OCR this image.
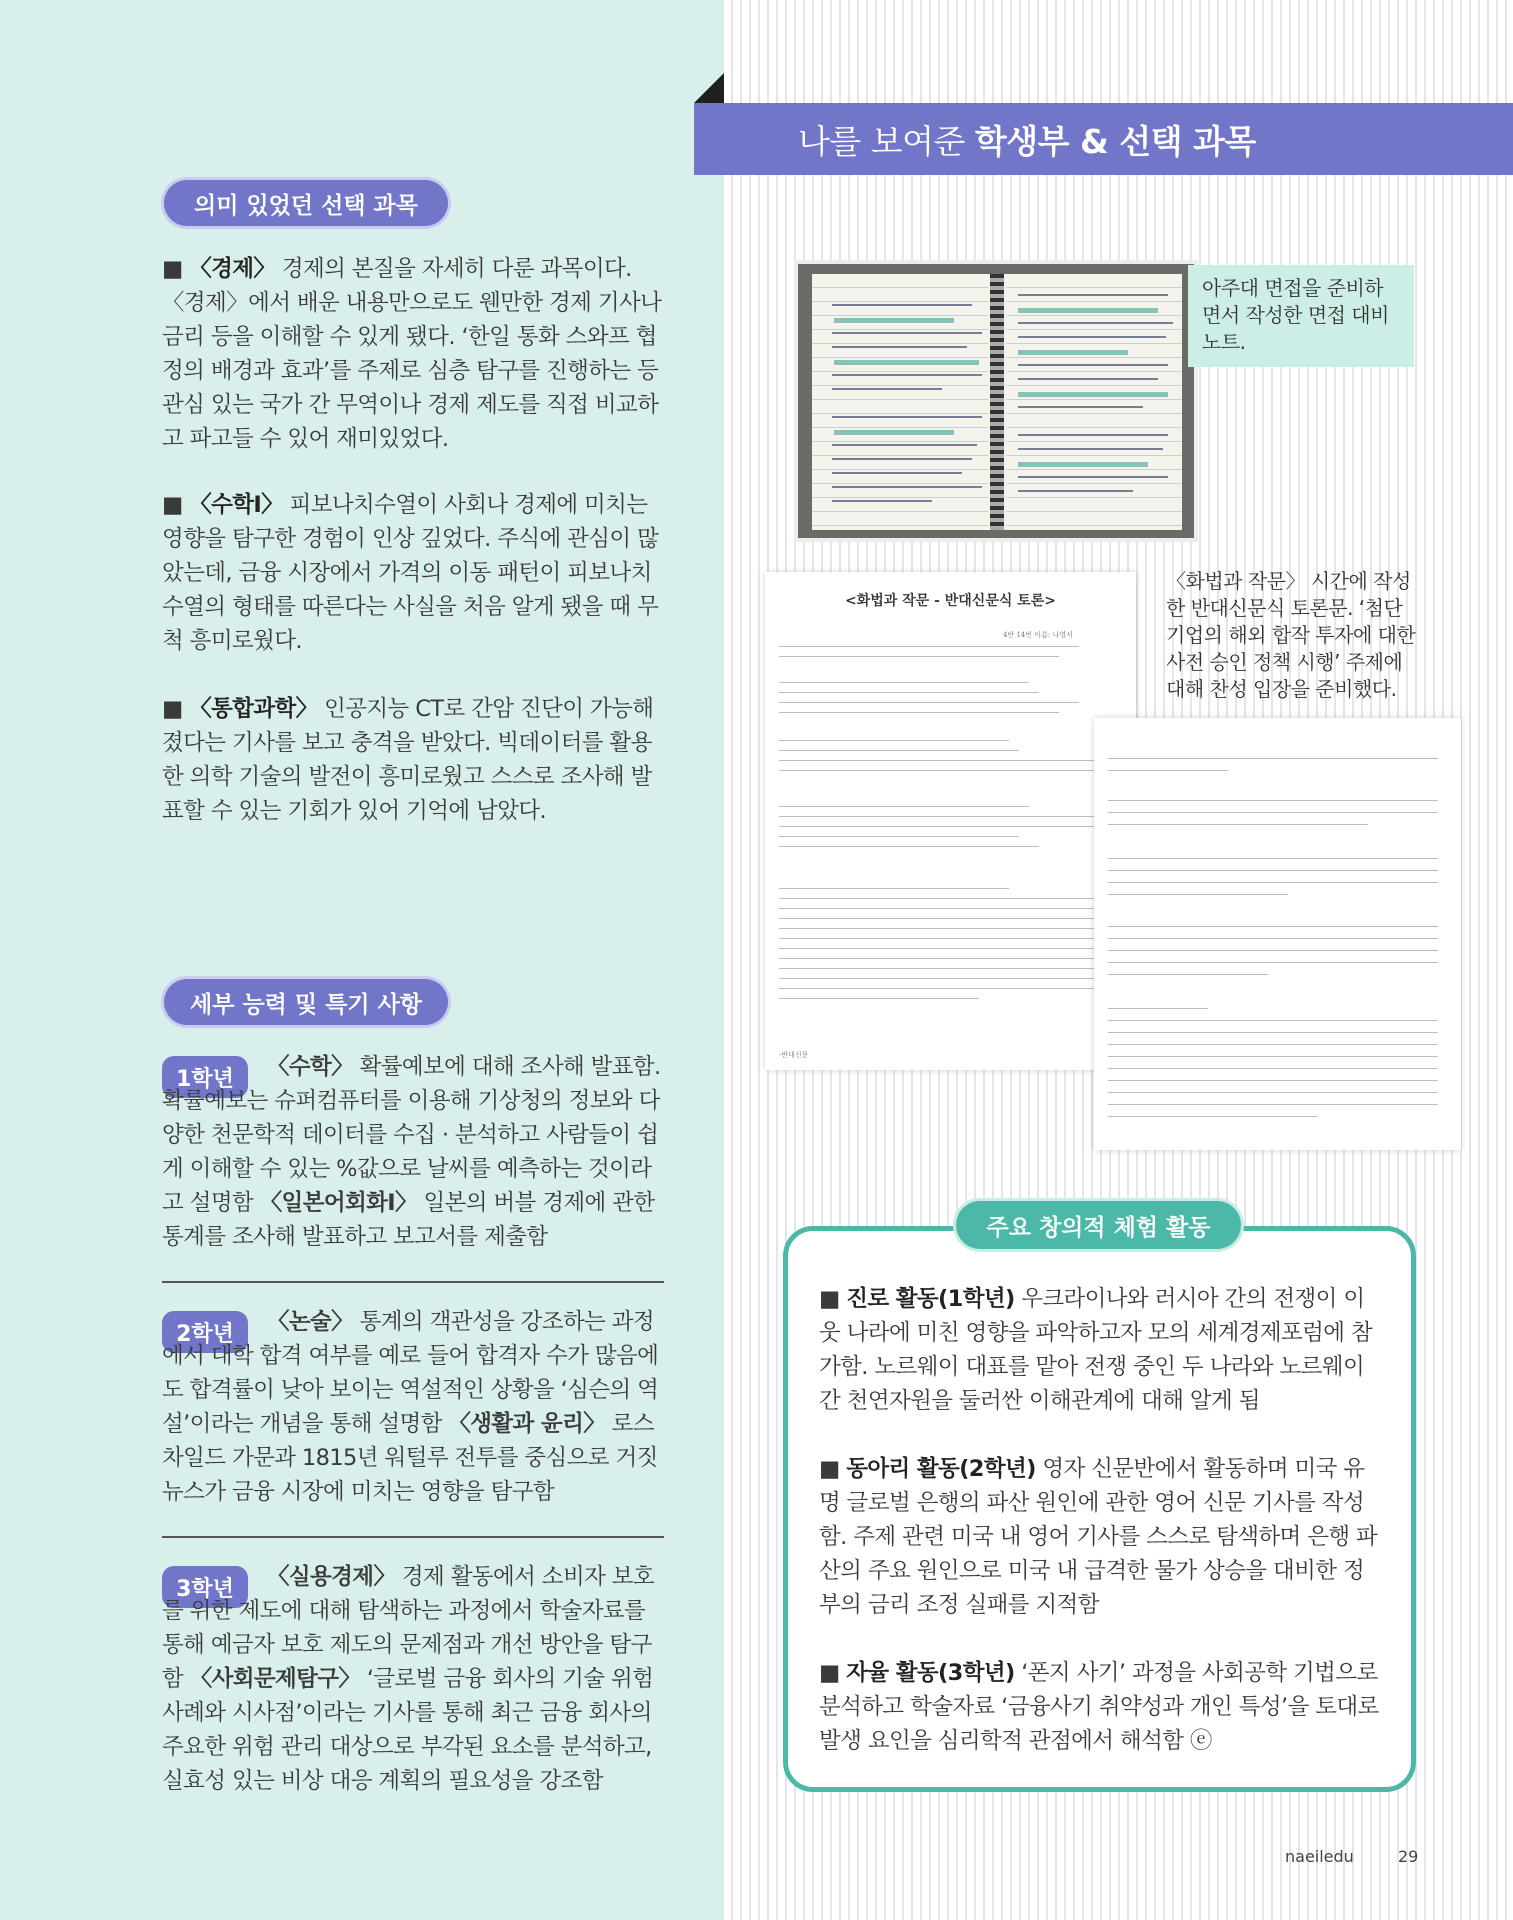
나를 보여준 학생부 & 선택 과목
의미 있었던 선택 과목
■ 〈경제〉 경제의 본질을 자세히 다룬 과목이다. 〈경제〉에서 배운 내용만으로도 웬만한 경제 기사나 금리 등을 이해할 수 있게 됐다. ‘한일 통화 스와프 협정의 배경과 효과’를 주제로 심층 탐구를 진행하는 등 관심 있는 국가 간 무역이나 경제 제도를 직접 비교하고 파고들 수 있어 재미있었다.
■ 〈수학Ⅰ〉 피보나치수열이 사회나 경제에 미치는 영향을 탐구한 경험이 인상 깊었다. 주식에 관심이 많았는데, 금융 시장에서 가격의 이동 패턴이 피보나치수열의 형태를 따른다는 사실을 처음 알게 됐을 때 무척 흥미로웠다.
■ 〈통합과학〉 인공지능 CT로 간암 진단이 가능해졌다는 기사를 보고 충격을 받았다. 빅데이터를 활용한 의학 기술의 발전이 흥미로웠고 스스로 조사해 발표할 수 있는 기회가 있어 기억에 남았다.
세부 능력 및 특기 사항
1학년	〈수학〉 확률예보에 대해 조사해 발표함. 확률예보는 슈퍼컴퓨터를 이용해 기상청의 정보와 다양한 천문학적 데이터를 수집 · 분석하고 사람들이 쉽게 이해할 수 있는 %값으로 날씨를 예측하는 것이라고 설명함 〈일본어회화Ⅰ〉 일본의 버블 경제에 관한 통계를 조사해 발표하고 보고서를 제출함
2학년	〈논술〉 통계의 객관성을 강조하는 과정에서 대학 합격 여부를 예로 들어 합격자 수가 많음에도 합격률이 낮아 보이는 역설적인 상황을 ‘심슨의 역설’이라는 개념을 통해 설명함 〈생활과 윤리〉 로스차일드 가문과 1815년 워털루 전투를 중심으로 거짓 뉴스가 금융 시장에 미치는 영향을 탐구함
3학년	〈실용경제〉 경제 활동에서 소비자 보호를 위한 제도에 대해 탐색하는 과정에서 학술자료를 통해 예금자 보호 제도의 문제점과 개선 방안을 탐구함 〈사회문제탐구〉 ‘글로벌 금융 회사의 기술 위험 사례와 시사점’이라는 기사를 통해 최근 금융 회사의 주요한 위험 관리 대상으로 부각된 요소를 분석하고, 실효성 있는 비상 대응 계획의 필요성을 강조함
아주대 면접을 준비하면서 작성한 면접 대비 노트.
〈화법과 작문〉 시간에 작성한 반대신문식 토론문. ‘첨단 기업의 해외 합작 투자에 대한 사전 승인 정책 시행’ 주제에 대해 찬성 입장을 준비했다.
<화법과 작문 - 반대신문식 토론>
4반 14번 이름: 나영서
-반대신문
주요 창의적 체험 활동
■ 진로 활동(1학년) 우크라이나와 러시아 간의 전쟁이 이웃 나라에 미친 영향을 파악하고자 모의 세계경제포럼에 참가함. 노르웨이 대표를 맡아 전쟁 중인 두 나라와 노르웨이 간 천연자원을 둘러싼 이해관계에 대해 알게 됨
■ 동아리 활동(2학년) 영자 신문반에서 활동하며 미국 유명 글로벌 은행의 파산 원인에 관한 영어 신문 기사를 작성함. 주제 관련 미국 내 영어 기사를 스스로 탐색하며 은행 파산의 주요 원인으로 미국 내 급격한 물가 상승을 대비한 정부의 금리 조정 실패를 지적함
■ 자율 활동(3학년) ‘폰지 사기’ 과정을 사회공학 기법으로 분석하고 학술자료 ‘금융사기 취약성과 개인 특성’을 토대로 발생 요인을 심리학적 관점에서 해석함 ⓔ
naeiledu	29
